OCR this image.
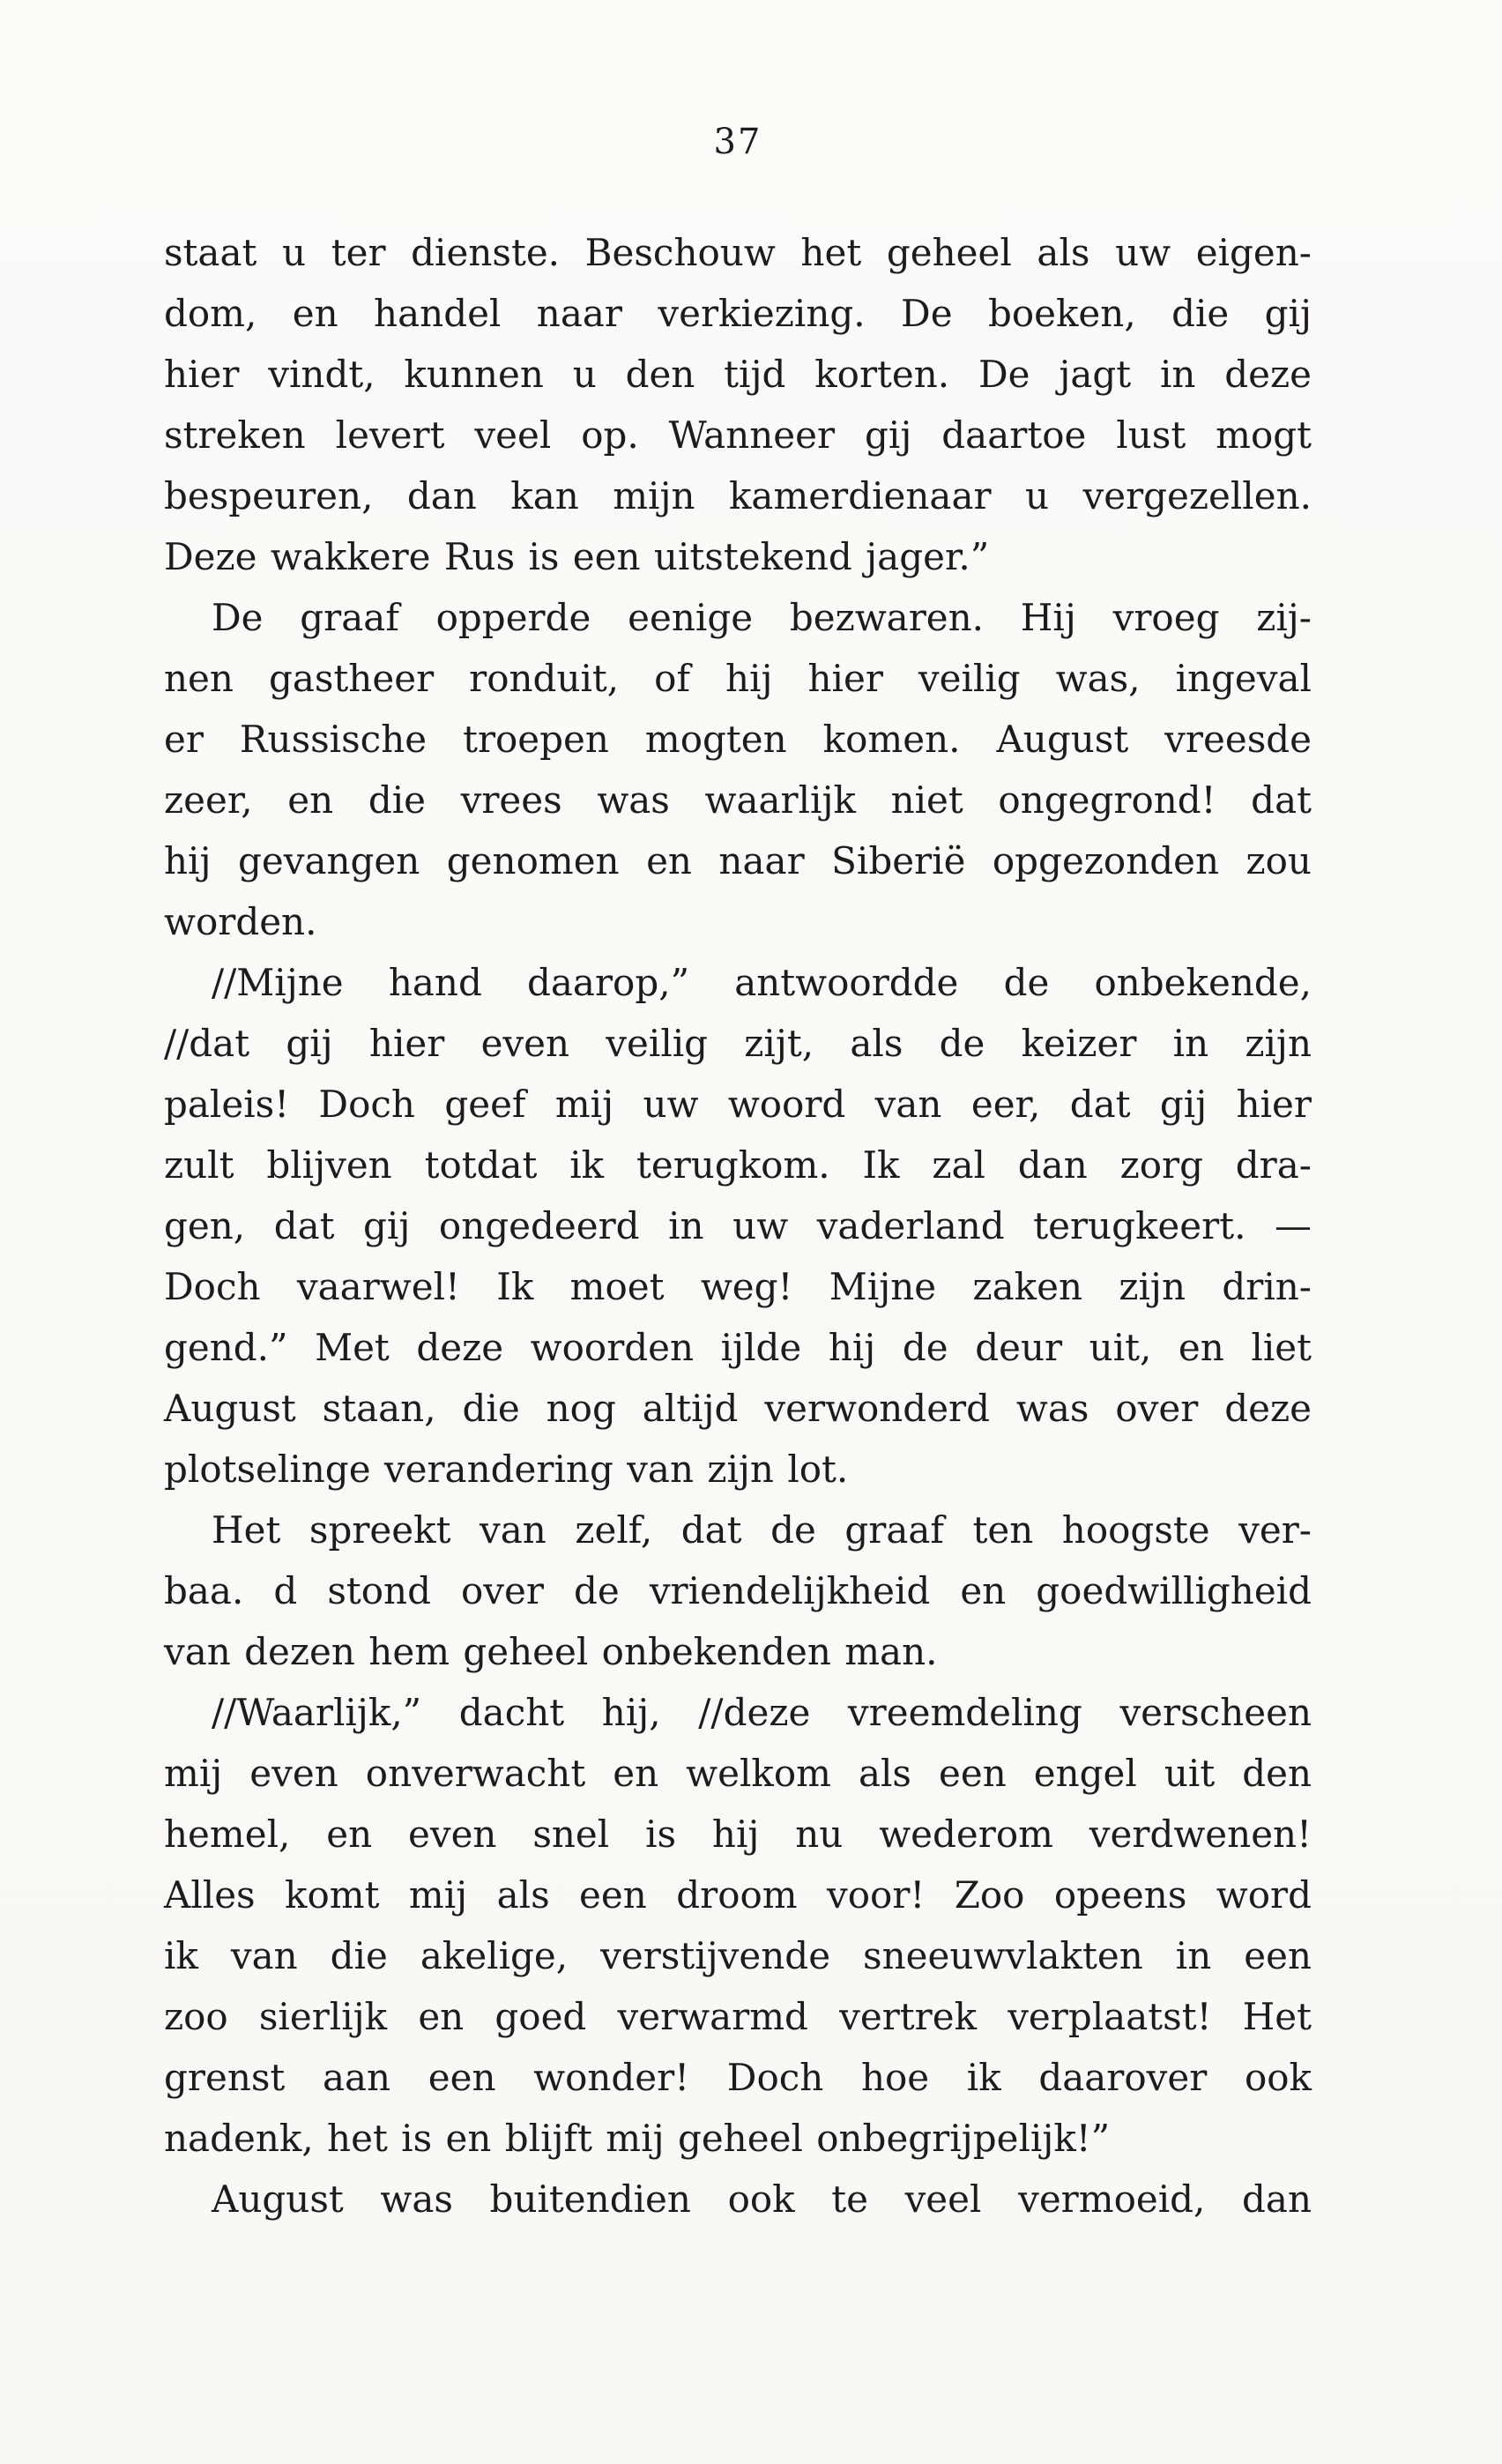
37
staat u ter dienste. Beschouw het geheel als uw eigen-
dom, en handel naar verkiezing. De boeken, die gij
hier vindt, kunnen u den tijd korten. De jagt in deze
streken levert veel op. Wanneer gij daartoe lust mogt
bespeuren, dan kan mijn kamerdienaar u vergezellen.
Deze wakkere Rus is een uitstekend jager.”
De graaf opperde eenige bezwaren. Hij vroeg zij-
nen gastheer ronduit, of hij hier veilig was, ingeval
er Russische troepen mogten komen. August vreesde
zeer, en die vrees was waarlijk niet ongegrond! dat
hij gevangen genomen en naar Siberië opgezonden zou
worden.
//Mijne hand daarop,” antwoordde de onbekende,
//dat gij hier even veilig zijt, als de keizer in zijn
paleis! Doch geef mij uw woord van eer, dat gij hier
zult blijven totdat ik terugkom. Ik zal dan zorg dra-
gen, dat gij ongedeerd in uw vaderland terugkeert. —
Doch vaarwel! Ik moet weg! Mijne zaken zijn drin-
gend.” Met deze woorden ijlde hij de deur uit, en liet
August staan, die nog altijd verwonderd was over deze
plotselinge verandering van zijn lot.
Het spreekt van zelf, dat de graaf ten hoogste ver-
baa. d stond over de vriendelijkheid en goedwilligheid
van dezen hem geheel onbekenden man.
//Waarlijk,” dacht hij, //deze vreemdeling verscheen
mij even onverwacht en welkom als een engel uit den
hemel, en even snel is hij nu wederom verdwenen!
Alles komt mij als een droom voor! Zoo opeens word
ik van die akelige, verstijvende sneeuwvlakten in een
zoo sierlijk en goed verwarmd vertrek verplaatst! Het
grenst aan een wonder! Doch hoe ik daarover ook
nadenk, het is en blijft mij geheel onbegrijpelijk!”
August was buitendien ook te veel vermoeid, dan
